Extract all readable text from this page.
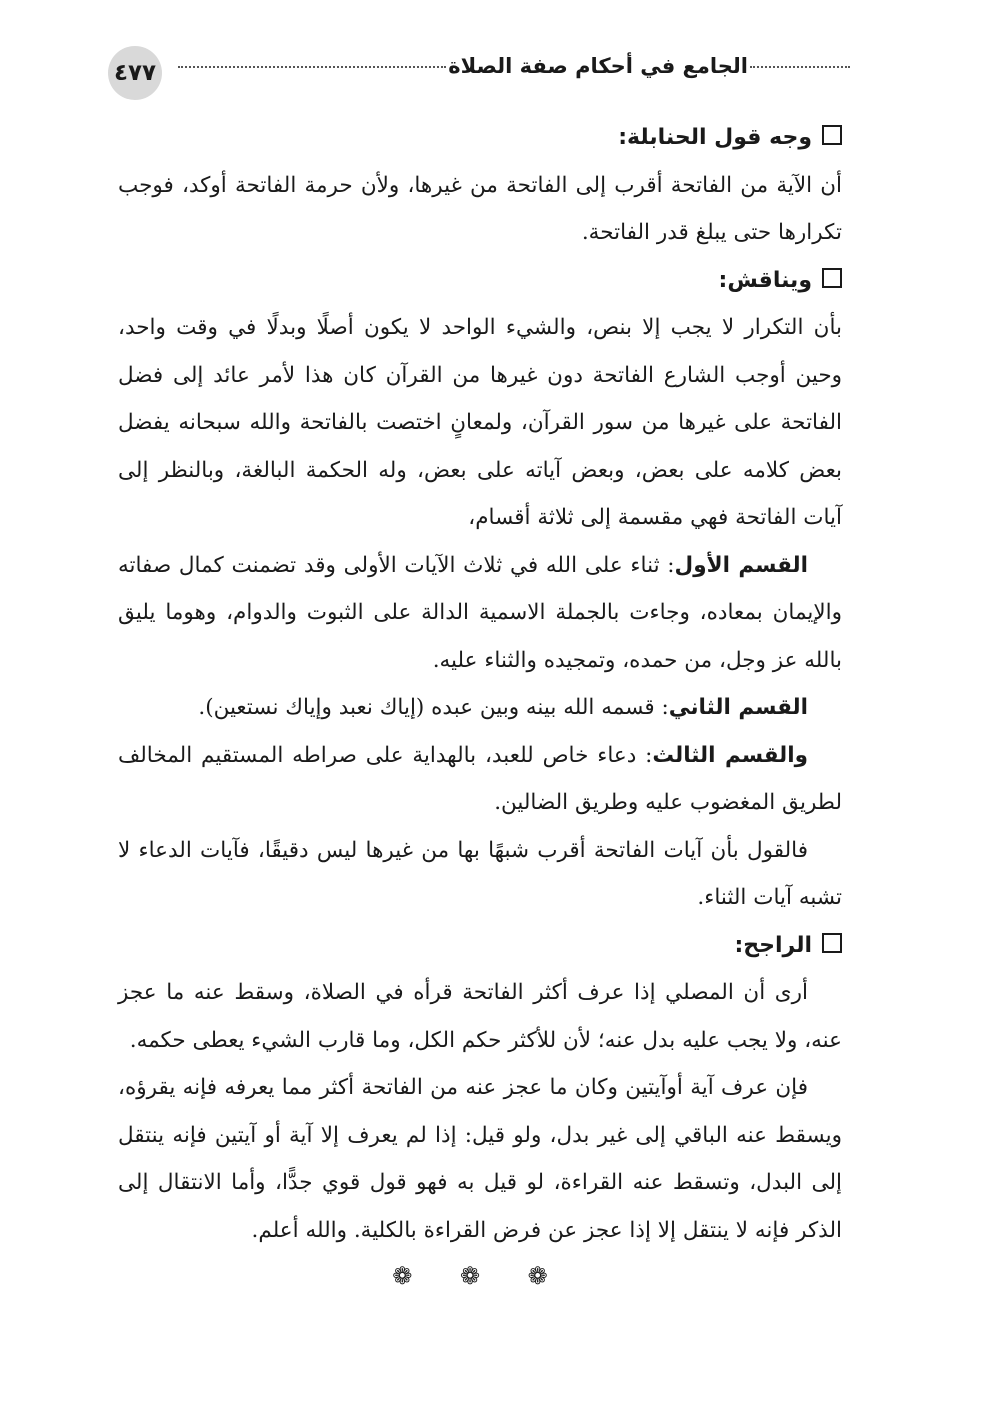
٤٧٧	الجامع في أحكام صفة الصلاة

وجه قول الحنابلة:

أن الآية من الفاتحة أقرب إلى الفاتحة من غيرها، ولأن حرمة الفاتحة أوكد، فوجب تكرارها حتى يبلغ قدر الفاتحة.

ويناقش:

بأن التكرار لا يجب إلا بنص، والشيء الواحد لا يكون أصلًا وبدلًا في وقت واحد، وحين أوجب الشارع الفاتحة دون غيرها من القرآن كان هذا لأمر عائد إلى فضل الفاتحة على غيرها من سور القرآن، ولمعانٍ اختصت بالفاتحة والله سبحانه يفضل بعض كلامه على بعض، وبعض آياته على بعض، وله الحكمة البالغة، وبالنظر إلى آيات الفاتحة فهي مقسمة إلى ثلاثة أقسام،

القسم الأول: ثناء على الله في ثلاث الآيات الأولى وقد تضمنت كمال صفاته والإيمان بمعاده، وجاءت بالجملة الاسمية الدالة على الثبوت والدوام، وهوما يليق بالله عز وجل، من حمده، وتمجيده والثناء عليه.

القسم الثاني: قسمه الله بينه وبين عبده (إياك نعبد وإياك نستعين).

والقسم الثالث: دعاء خاص للعبد، بالهداية على صراطه المستقيم المخالف لطريق المغضوب عليه وطريق الضالين.

فالقول بأن آيات الفاتحة أقرب شبهًا بها من غيرها ليس دقيقًا، فآيات الدعاء لا تشبه آيات الثناء.

الراجح:

أرى أن المصلي إذا عرف أكثر الفاتحة قرأه في الصلاة، وسقط عنه ما عجز عنه، ولا يجب عليه بدل عنه؛ لأن للأكثر حكم الكل، وما قارب الشيء يعطى حكمه.

فإن عرف آية أوآيتين وكان ما عجز عنه من الفاتحة أكثر مما يعرفه فإنه يقرؤه، ويسقط عنه الباقي إلى غير بدل، ولو قيل: إذا لم يعرف إلا آية أو آيتين فإنه ينتقل إلى البدل، وتسقط عنه القراءة، لو قيل به فهو قول قوي جدًّا، وأما الانتقال إلى الذكر فإنه لا ينتقل إلا إذا عجز عن فرض القراءة بالكلية. والله أعلم.

❁ ❁ ❁
